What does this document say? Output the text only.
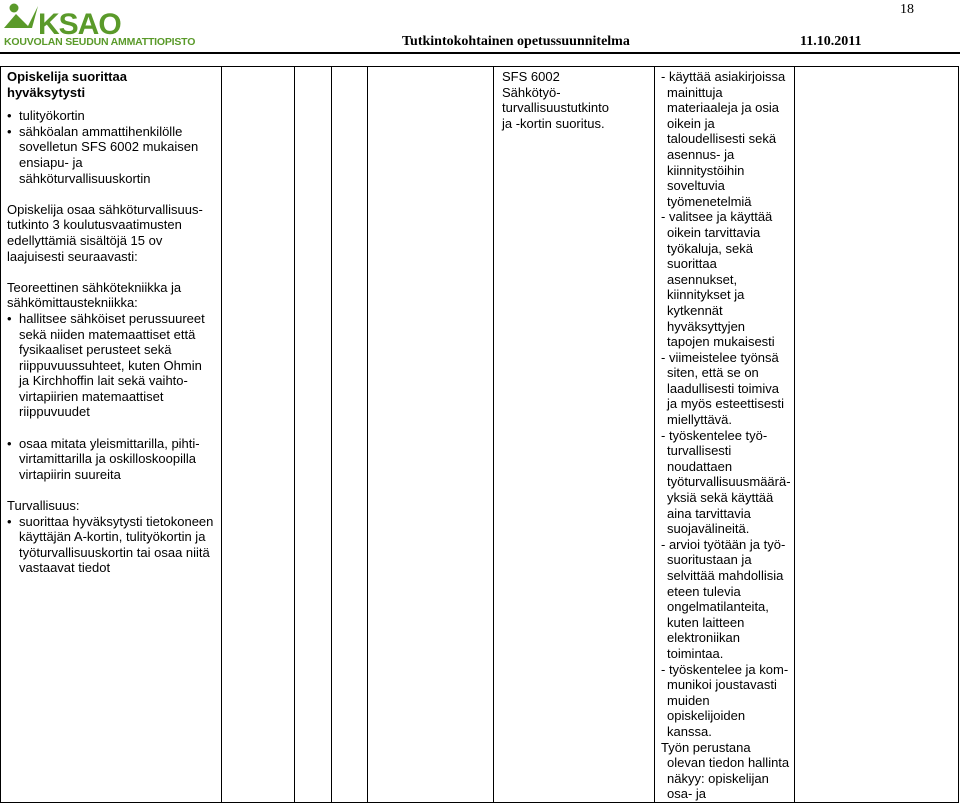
18
KSAO
KOUVOLAN SEUDUN AMMATTIOPISTO	Tutkintokohtainen opetussuunnitelma	11.10.2011
Opiskelija suorittaa
hyväksytysti
• tulityökortin
• sähköalan ammattihenkilölle sovelletun SFS 6002 mukaisen ensiapu- ja sähköturvallisuuskortin
Opiskelija osaa sähköturvallisuus-
tutkinto 3 koulutusvaatimusten
edellyttämiä sisältöjä 15 ov
laajuisesti seuraavasti:
Teoreettinen sähkötekniikka ja
sähkömittaustekniikka:
• hallitsee sähköiset perussuureet sekä niiden matemaattiset että fysikaaliset perusteet sekä riippuvuussuhteet, kuten Ohmin ja Kirchhoffin lait sekä vaihto-
virtapiirien matemaattiset riippuvuudet
• osaa mitata yleismittarilla, pihti-
virtamittarilla ja oskilloskoopilla virtapiirin suureita
Turvallisuus:
• suorittaa hyväksytysti tietokoneen käyttäjän A-kortin, tulityökortin ja työturvallisuuskortin tai osaa niitä vastaavat tiedot

SFS 6002
Sähkötyö-
turvallisuustutkinto
ja -kortin suoritus.

- käyttää asiakirjoissa mainittuja materiaaleja ja osia oikein ja taloudellisesti sekä asennus- ja kiinnitystöihin soveltuvia työmenetelmiä
- valitsee ja käyttää oikein tarvittavia työkaluja, sekä suorittaa asennukset, kiinnitykset ja kytkennät hyväksyttyjen tapojen mukaisesti
- viimeistelee työnsä siten, että se on laadullisesti toimiva ja myös esteettisesti miellyttävä.
- työskentelee työ-
turvallisesti noudattaen työturvallisuusmäärä-
yksiä sekä käyttää aina tarvittavia suojavälineitä.
- arvioi työtään ja työ-
suoritustaan ja selvittää mahdollisia eteen tulevia ongelmatilanteita, kuten laitteen elektroniikan toimintaa.
- työskentelee ja kom-
munikoi joustavasti muiden opiskelijoiden kanssa.
Työn perustana olevan tiedon hallinta näkyy: opiskelijan osa- ja
